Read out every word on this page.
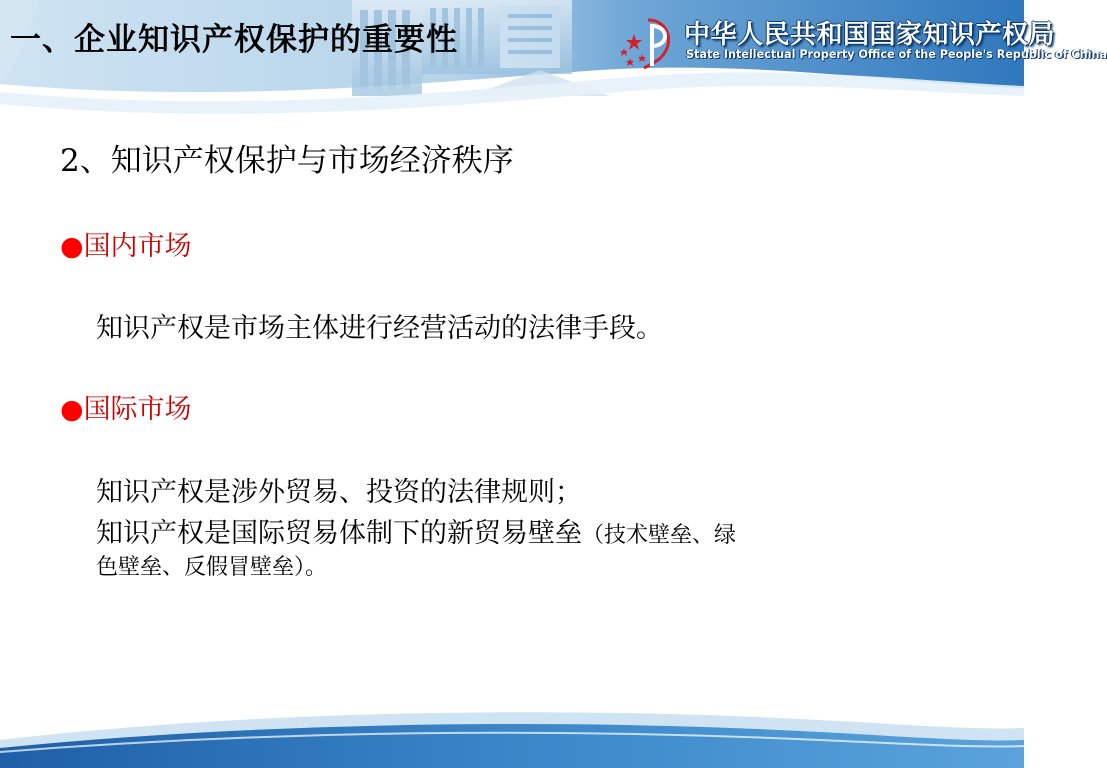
一、企业知识产权保护的重要性	中华人民共和国国家知识产权局

State Intellectual Property Office of the People's Republic of China

2、知识产权保护与市场经济秩序

●国内市场

知识产权是市场主体进行经营活动的法律手段。

●国际市场

知识产权是涉外贸易、投资的法律规则；

知识产权是国际贸易体制下的新贸易壁垒（技术壁垒、绿

色壁垒、反假冒壁垒）。
